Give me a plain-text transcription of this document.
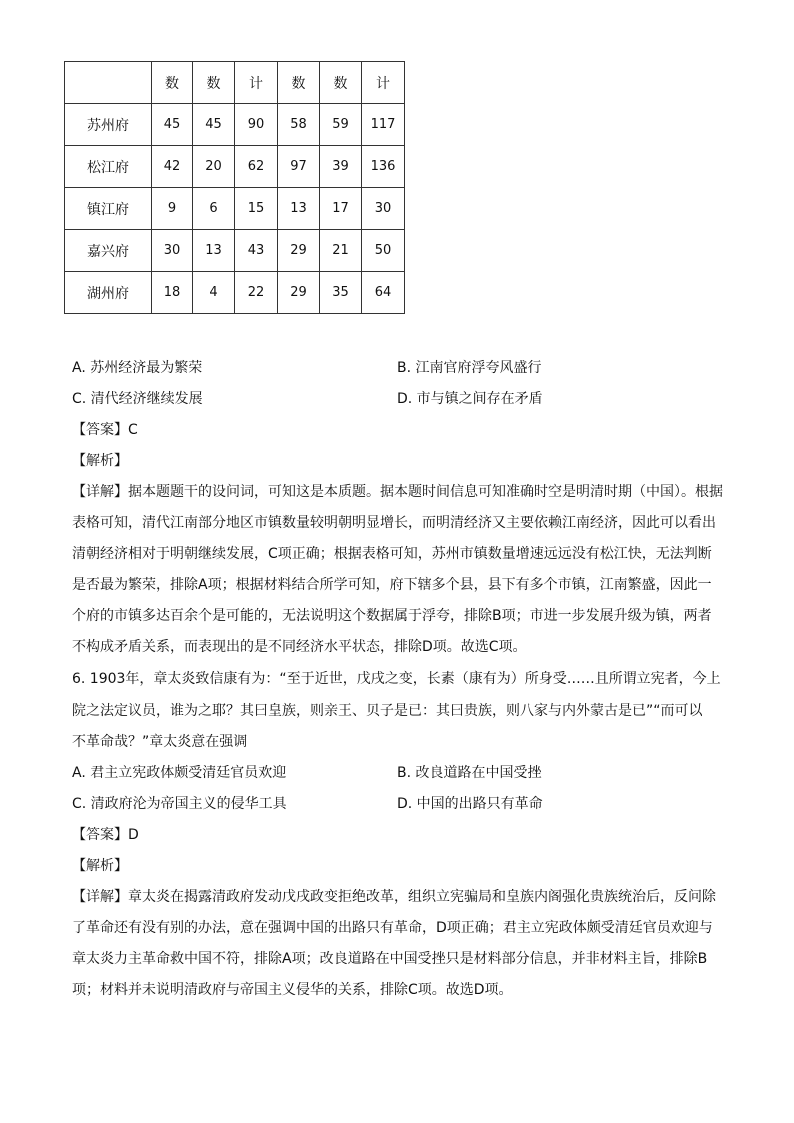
	数	数	计	数	数	计
苏州府	45	45	90	58	59	117
松江府	42	20	62	97	39	136
镇江府	9	6	15	13	17	30
嘉兴府	30	13	43	29	21	50
湖州府	18	4	22	29	35	64
A. 苏州经济最为繁荣	B. 江南官府浮夸风盛行
C. 清代经济继续发展	D. 市与镇之间存在矛盾
【答案】C
【解析】
【详解】据本题题干的设问词，可知这是本质题。据本题时间信息可知准确时空是明清时期（中国）。根据
表格可知，清代江南部分地区市镇数量较明朝明显增长，而明清经济又主要依赖江南经济，因此可以看出
清朝经济相对于明朝继续发展，C项正确；根据表格可知，苏州市镇数量增速远远没有松江快，无法判断
是否最为繁荣，排除A项；根据材料结合所学可知，府下辖多个县，县下有多个市镇，江南繁盛，因此一
个府的市镇多达百余个是可能的，无法说明这个数据属于浮夸，排除B项；市进一步发展升级为镇，两者
不构成矛盾关系，而表现出的是不同经济水平状态，排除D项。故选C项。
6. 1903年，章太炎致信康有为：“至于近世，戊戌之变，长素（康有为）所身受……且所谓立宪者，今上
院之法定议员，谁为之耶？其曰皇族，则亲王、贝子是已：其曰贵族，则八家与内外蒙古是已”“而可以
不革命哉？”章太炎意在强调
A. 君主立宪政体颇受清廷官员欢迎	B. 改良道路在中国受挫
C. 清政府沦为帝国主义的侵华工具	D. 中国的出路只有革命
【答案】D
【解析】
【详解】章太炎在揭露清政府发动戊戌政变拒绝改革，组织立宪骗局和皇族内阁强化贵族统治后，反问除
了革命还有没有别的办法，意在强调中国的出路只有革命，D项正确；君主立宪政体颇受清廷官员欢迎与
章太炎力主革命救中国不符，排除A项；改良道路在中国受挫只是材料部分信息，并非材料主旨，排除B
项；材料并未说明清政府与帝国主义侵华的关系，排除C项。故选D项。
